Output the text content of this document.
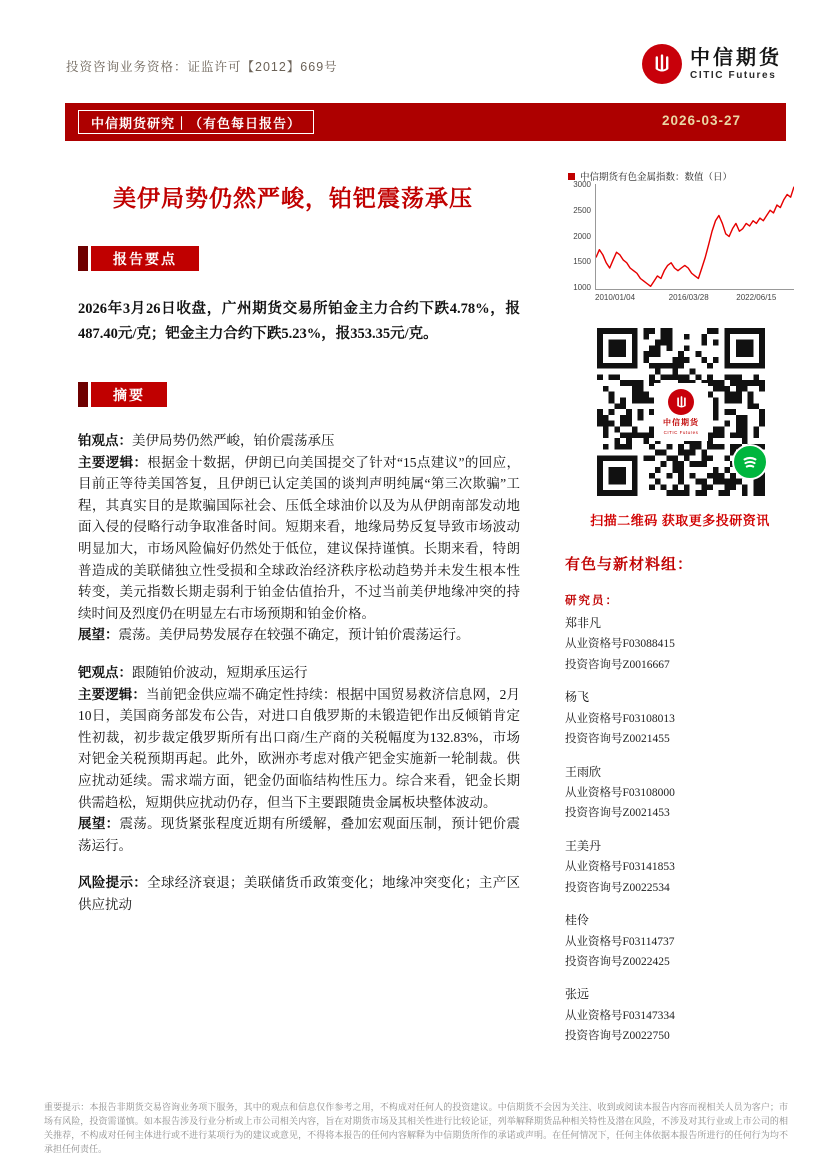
投资咨询业务资格：证监许可【2012】669号	中信期货
CITIC Futures
中信期货研究｜（有色每日报告）	2026-03-27
美伊局势仍然严峻，铂钯震荡承压
报告要点
2026年3月26日收盘，广州期货交易所铂金主力合约下跌4.78%，报487.40元/克；钯金主力合约下跌5.23%，报353.35元/克。
摘要

铂观点：美伊局势仍然严峻，铂价震荡承压

主要逻辑：根据金十数据，伊朗已向美国提交了针对“15点建议”的回应，目前正等待美国答复，且伊朗已认定美国的谈判声明纯属“第三次欺骗”工程，其真实目的是欺骗国际社会、压低全球油价以及为从伊朗南部发动地面入侵的侵略行动争取准备时间。短期来看，地缘局势反复导致市场波动明显加大，市场风险偏好仍然处于低位，建议保持谨慎。长期来看，特朗普造成的美联储独立性受损和全球政治经济秩序松动趋势并未发生根本性转变，美元指数长期走弱利于铂金估值抬升，不过当前美伊地缘冲突的持续时间及烈度仍在明显左右市场预期和铂金价格。

展望：震荡。美伊局势发展存在较强不确定，预计铂价震荡运行。

钯观点：跟随铂价波动，短期承压运行

主要逻辑：当前钯金供应端不确定性持续：根据中国贸易救济信息网，2月10日，美国商务部发布公告，对进口自俄罗斯的未锻造钯作出反倾销肯定性初裁，初步裁定俄罗斯所有出口商/生产商的关税幅度为132.83%，市场对钯金关税预期再起。此外，欧洲亦考虑对俄产钯金实施新一轮制裁。供应扰动延续。需求端方面，钯金仍面临结构性压力。综合来看，钯金长期供需趋松，短期供应扰动仍存，但当下主要跟随贵金属板块整体波动。

展望：震荡。现货紧张程度近期有所缓解，叠加宏观面压制，预计钯价震荡运行。

风险提示：全球经济衰退；美联储货币政策变化；地缘冲突变化；主产区供应扰动

中信期货有色金属指数：数值（日）
3000
2500
2000
1500
1000
2010/01/04	2016/03/28	2022/06/15
中信期货
CITIC Futures
扫描二维码 获取更多投研资讯
有色与新材料组：
研究员：
郑非凡
从业资格号F03088415
投资咨询号Z0016667
杨飞
从业资格号F03108013
投资咨询号Z0021455
王雨欣
从业资格号F03108000
投资咨询号Z0021453
王美丹
从业资格号F03141853
投资咨询号Z0022534
桂伶
从业资格号F03114737
投资咨询号Z0022425
张远
从业资格号F03147334
投资咨询号Z0022750
重要提示：本报告非期货交易咨询业务项下服务，其中的观点和信息仅作参考之用，不构成对任何人的投资建议。中信期货不会因为关注、收到或阅读本报告内容而视相关人员为客户；市场有风险，投资需谨慎。如本报告涉及行业分析或上市公司相关内容，旨在对期货市场及其相关性进行比较论证，列举解释期货品种相关特性及潜在风险，不涉及对其行业或上市公司的相关推荐，不构成对任何主体进行或不进行某项行为的建议或意见，不得将本报告的任何内容解释为中信期货所作的承诺或声明。在任何情况下，任何主体依据本报告所进行的任何行为均不承担任何责任。
